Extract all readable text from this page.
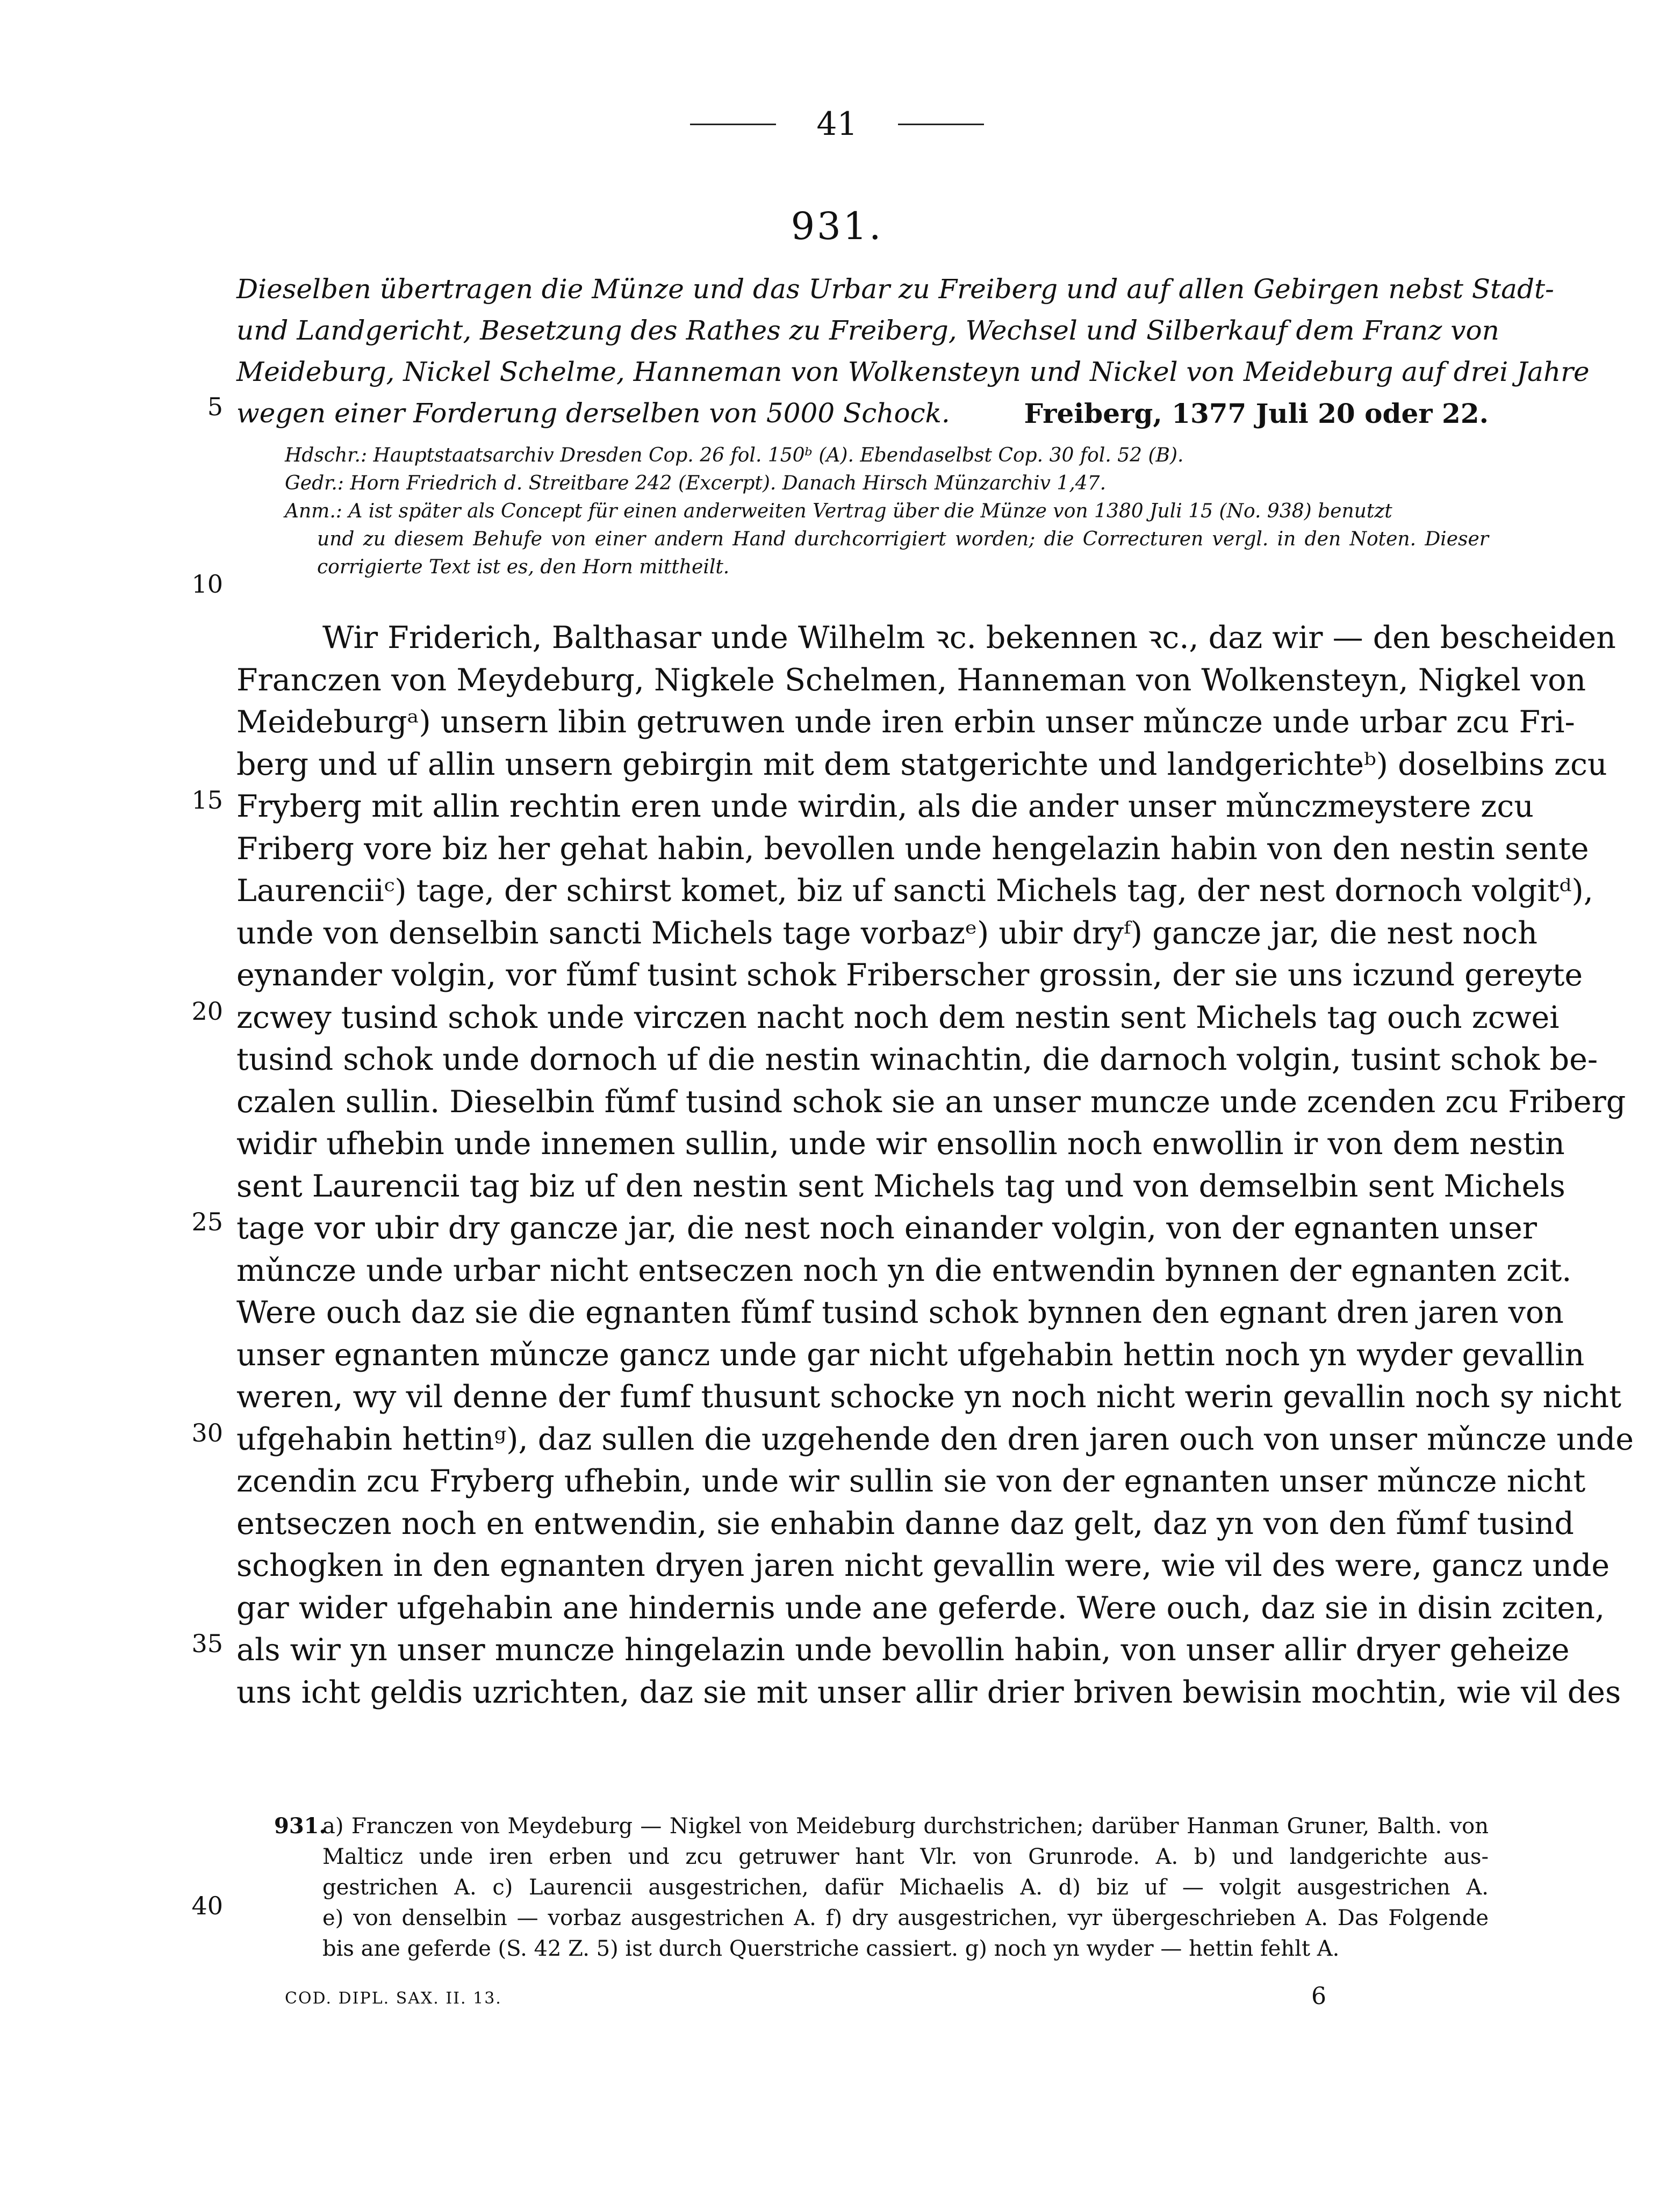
41
931.
Dieselben übertragen die Münze und das Urbar zu Freiberg und auf allen Gebirgen nebst Stadt-
und Landgericht, Besetzung des Rathes zu Freiberg, Wechsel und Silberkauf dem Franz von
Meideburg, Nickel Schelme, Hanneman von Wolkensteyn und Nickel von Meideburg auf drei Jahre
wegen einer Forderung derselben von 5000 Schock.	Freiberg, 1377 Juli 20 oder 22.
Hdschr.: Hauptstaatsarchiv Dresden Cop. 26 fol. 150ᵇ (A). Ebendaselbst Cop. 30 fol. 52 (B).
Gedr.: Horn Friedrich d. Streitbare 242 (Excerpt). Danach Hirsch Münzarchiv 1,47.
Anm.: A ist später als Concept für einen anderweiten Vertrag über die Münze von 1380 Juli 15 (No. 938) benutzt
und zu diesem Behufe von einer andern Hand durchcorrigiert worden; die Correcturen vergl. in den Noten. Dieser
corrigierte Text ist es, den Horn mittheilt.
Wir Friderich, Balthasar unde Wilhelm ꝛc. bekennen ꝛc., daz wir — den bescheiden
Franczen von Meydeburg, Nigkele Schelmen, Hanneman von Wolkensteyn, Nigkel von
Meideburgᵃ) unsern libin getruwen unde iren erbin unser mǔncze unde urbar zcu Fri-
berg und uf allin unsern gebirgin mit dem statgerichte und landgerichteᵇ) doselbins zcu
Fryberg mit allin rechtin eren unde wirdin, als die ander unser mǔnczmeystere zcu
Friberg vore biz her gehat habin, bevollen unde hengelazin habin von den nestin sente
Laurenciiᶜ) tage, der schirst komet, biz uf sancti Michels tag, der nest dornoch volgitᵈ),
unde von denselbin sancti Michels tage vorbazᵉ) ubir dryᶠ) gancze jar, die nest noch
eynander volgin, vor fǔmf tusint schok Friberscher grossin, der sie uns iczund gereyte
zcwey tusind schok unde virczen nacht noch dem nestin sent Michels tag ouch zcwei
tusind schok unde dornoch uf die nestin winachtin, die darnoch volgin, tusint schok be-
czalen sullin. Dieselbin fǔmf tusind schok sie an unser muncze unde zcenden zcu Friberg
widir ufhebin unde innemen sullin, unde wir ensollin noch enwollin ir von dem nestin
sent Laurencii tag biz uf den nestin sent Michels tag und von demselbin sent Michels
tage vor ubir dry gancze jar, die nest noch einander volgin, von der egnanten unser
mǔncze unde urbar nicht entseczen noch yn die entwendin bynnen der egnanten zcit.
Were ouch daz sie die egnanten fǔmf tusind schok bynnen den egnant dren jaren von
unser egnanten mǔncze gancz unde gar nicht ufgehabin hettin noch yn wyder gevallin
weren, wy vil denne der fumf thusunt schocke yn noch nicht werin gevallin noch sy nicht
ufgehabin hettinᵍ), daz sullen die uzgehende den dren jaren ouch von unser mǔncze unde
zcendin zcu Fryberg ufhebin, unde wir sullin sie von der egnanten unser mǔncze nicht
entseczen noch en entwendin, sie enhabin danne daz gelt, daz yn von den fǔmf tusind
schogken in den egnanten dryen jaren nicht gevallin were, wie vil des were, gancz unde
gar wider ufgehabin ane hindernis unde ane geferde. Were ouch, daz sie in disin zciten,
als wir yn unser muncze hingelazin unde bevollin habin, von unser allir dryer geheize
uns icht geldis uzrichten, daz sie mit unser allir drier briven bewisin mochtin, wie vil des
5
10
15
20
25
30
35
40
931.a) Franczen von Meydeburg — Nigkel von Meideburg durchstrichen; darüber Hanman Gruner, Balth. von
Malticz unde iren erben und zcu getruwer hant Vlr. von Grunrode. A. b) und landgerichte aus-
gestrichen A. c) Laurencii ausgestrichen, dafür Michaelis A. d) biz uf — volgit ausgestrichen A.
e) von denselbin — vorbaz ausgestrichen A. f) dry ausgestrichen, vyr übergeschrieben A. Das Folgende
bis ane geferde (S. 42 Z. 5) ist durch Querstriche cassiert. g) noch yn wyder — hettin fehlt A.
COD. DIPL. SAX. II. 13.	6
